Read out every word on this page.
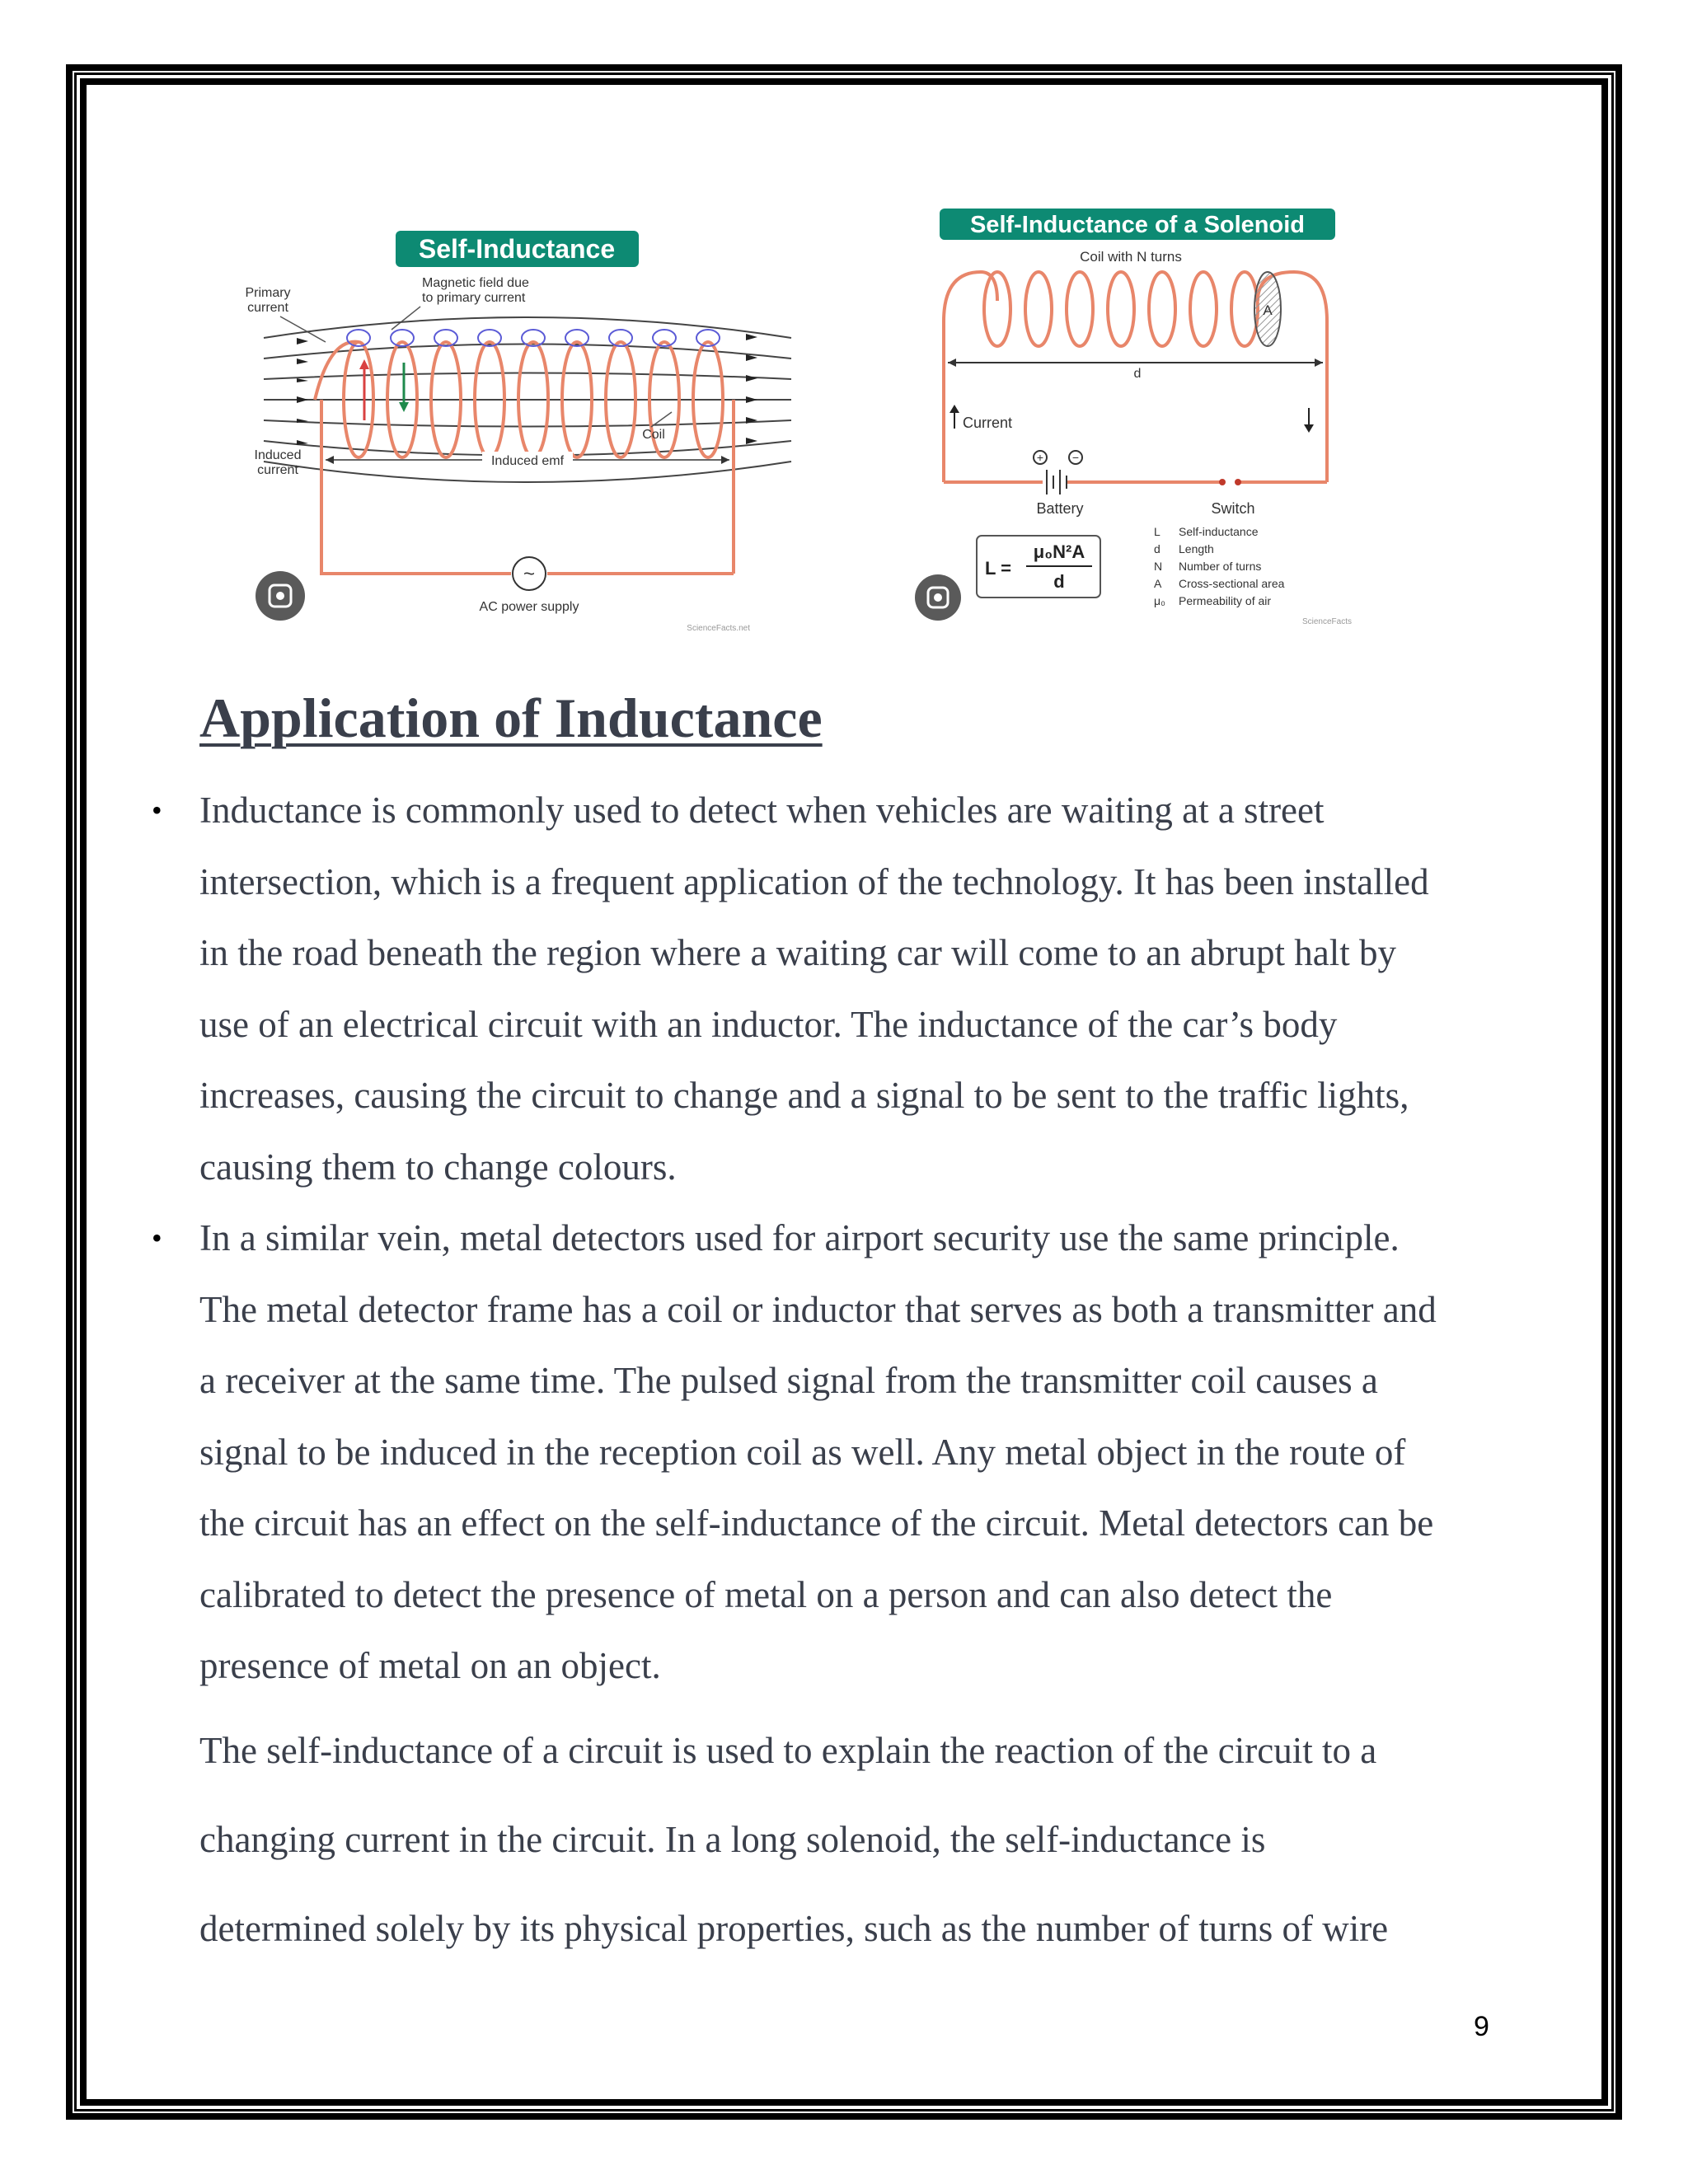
Self-Inductance
Primary
current
Magnetic field due
to primary current
Coil
Induced
current
Induced emf
~
AC power supply
ScienceFacts.net
Self-Inductance of a Solenoid
Coil with N turns
A
d
Current
+ −
Battery	Switch
L =
μ₀N²A
d
L Self-inductance
d Length
N Number of turns
A Cross-sectional area
μ₀ Permeability of air
ScienceFacts
Application of Inductance
• Inductance is commonly used to detect when vehicles are waiting at a street
intersection, which is a frequent application of the technology. It has been installed
in the road beneath the region where a waiting car will come to an abrupt halt by
use of an electrical circuit with an inductor. The inductance of the car’s body
increases, causing the circuit to change and a signal to be sent to the traffic lights,
causing them to change colours.
• In a similar vein, metal detectors used for airport security use the same principle.
The metal detector frame has a coil or inductor that serves as both a transmitter and
a receiver at the same time. The pulsed signal from the transmitter coil causes a
signal to be induced in the reception coil as well. Any metal object in the route of
the circuit has an effect on the self-inductance of the circuit. Metal detectors can be
calibrated to detect the presence of metal on a person and can also detect the
presence of metal on an object.

The self-inductance of a circuit is used to explain the reaction of the circuit to a
changing current in the circuit. In a long solenoid, the self-inductance is
determined solely by its physical properties, such as the number of turns of wire

9
